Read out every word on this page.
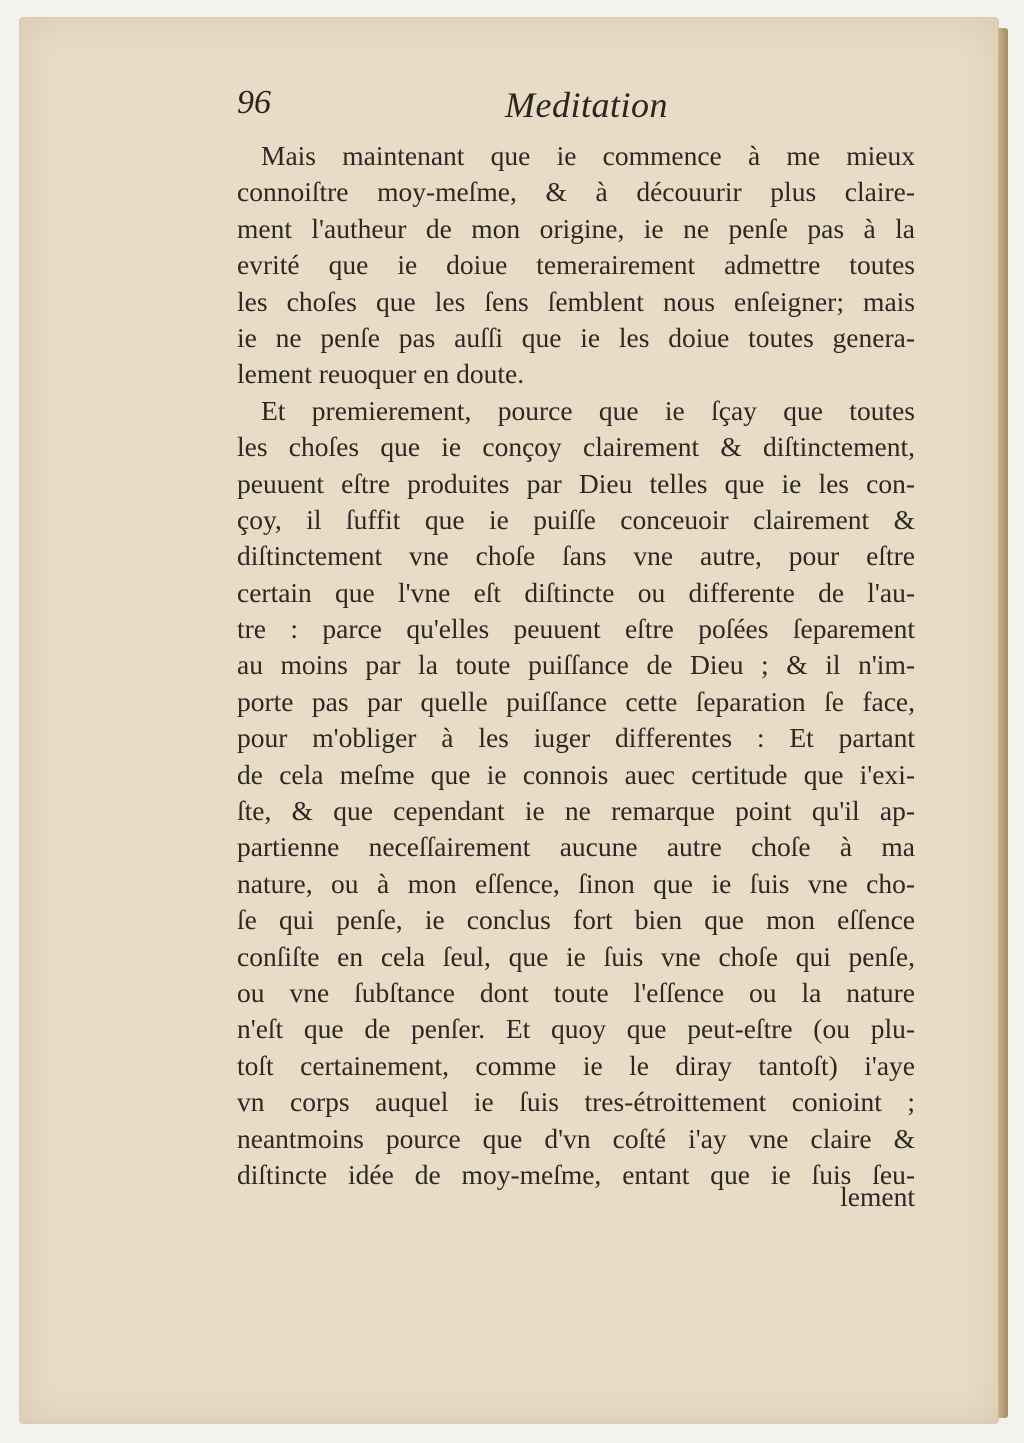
96	Meditation
Mais maintenant que ie commence à me mieux
connoiſtre moy-meſme, & à découurir plus claire-
ment l'autheur de mon origine, ie ne penſe pas à la
evrité que ie doiue temerairement admettre toutes
les choſes que les ſens ſemblent nous enſeigner; mais
ie ne penſe pas auſſi que ie les doiue toutes genera-
lement reuoquer en doute.
Et premierement, pource que ie ſçay que toutes
les choſes que ie conçoy clairement & diſtinctement,
peuuent eſtre produites par Dieu telles que ie les con-
çoy, il ſuffit que ie puiſſe conceuoir clairement &
diſtinctement vne choſe ſans vne autre, pour eſtre
certain que l'vne eſt diſtincte ou differente de l'au-
tre : parce qu'elles peuuent eſtre poſées ſeparement
au moins par la toute puiſſance de Dieu ; & il n'im-
porte pas par quelle puiſſance cette ſeparation ſe face,
pour m'obliger à les iuger differentes : Et partant
de cela meſme que ie connois auec certitude que i'exi-
ſte, & que cependant ie ne remarque point qu'il ap-
partienne neceſſairement aucune autre choſe à ma
nature, ou à mon eſſence, ſinon que ie ſuis vne cho-
ſe qui penſe, ie conclus fort bien que mon eſſence
conſiſte en cela ſeul, que ie ſuis vne choſe qui penſe,
ou vne ſubſtance dont toute l'eſſence ou la nature
n'eſt que de penſer. Et quoy que peut-eſtre (ou plu-
toſt certainement, comme ie le diray tantoſt) i'aye
vn corps auquel ie ſuis tres-étroittement conioint ;
neantmoins pource que d'vn coſté i'ay vne claire &
diſtincte idée de moy-meſme, entant que ie ſuis ſeu-
lement
